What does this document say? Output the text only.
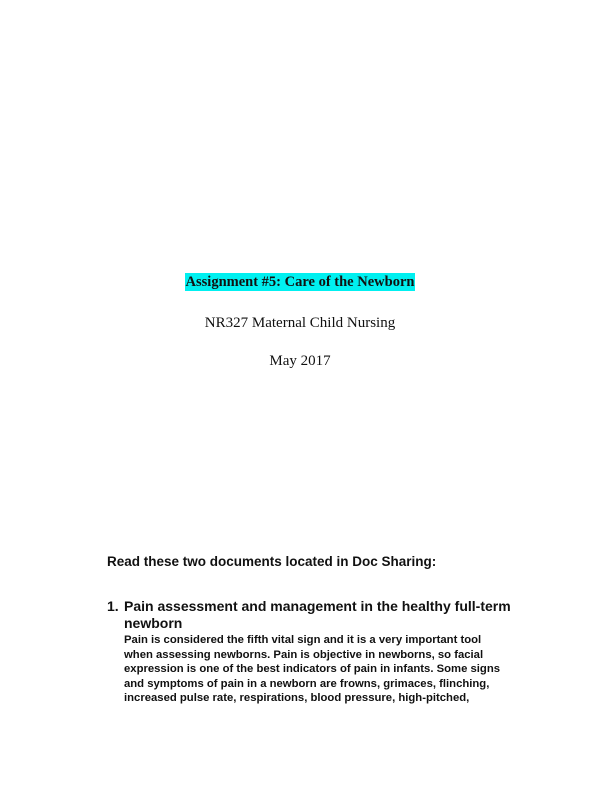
Assignment #5: Care of the Newborn
NR327 Maternal Child Nursing
May 2017
Read these two documents located in Doc Sharing:
1. Pain assessment and management in the healthy full-term
newborn
Pain is considered the fifth vital sign and it is a very important tool
when assessing newborns. Pain is objective in newborns, so facial
expression is one of the best indicators of pain in infants. Some signs
and symptoms of pain in a newborn are frowns, grimaces, flinching,
increased pulse rate, respirations, blood pressure, high-pitched,
